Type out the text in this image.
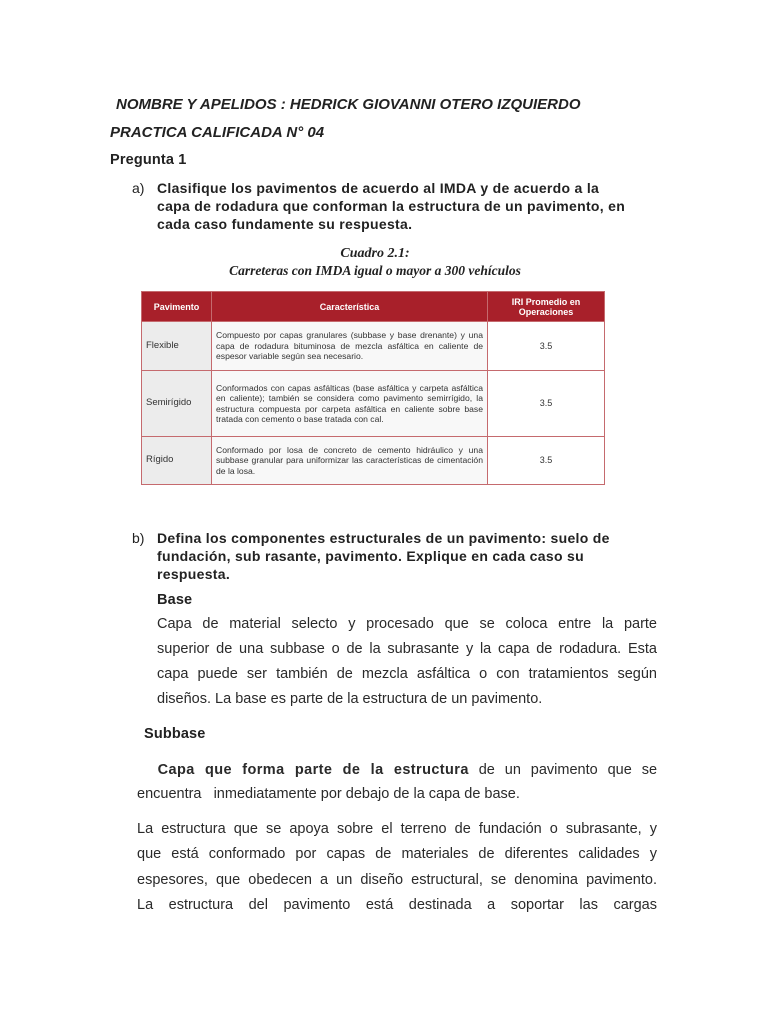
NOMBRE Y APELIDOS : HEDRICK GIOVANNI OTERO IZQUIERDO
PRACTICA CALIFICADA N° 04
Pregunta 1
a) Clasifique los pavimentos de acuerdo al IMDA y de acuerdo a la
capa de rodadura que conforman la estructura de un pavimento, en
cada caso fundamente su respuesta.
Cuadro 2.1:
Carreteras con IMDA igual o mayor a 300 vehículos
Pavimento	Característica	IRI Promedio en Operaciones
Flexible	Compuesto por capas granulares (subbase y base drenante) y una capa de rodadura bituminosa de mezcla asfáltica en caliente de espesor variable según sea necesario.	3.5
Semirígido	Conformados con capas asfálticas (base asfáltica y carpeta asfáltica en caliente); también se considera como pavimento semirrígido, la estructura compuesta por carpeta asfáltica en caliente sobre base tratada con cemento o base tratada con cal.	3.5
Rígido	Conformado por losa de concreto de cemento hidráulico y una subbase granular para uniformizar las características de cimentación de la losa.	3.5
b) Defina los componentes estructurales de un pavimento: suelo de
fundación, sub rasante, pavimento. Explique en cada caso su
respuesta.
Base
Capa de material selecto y procesado que se coloca entre la parte
superior de una subbase o de la subrasante y la capa de rodadura. Esta
capa puede ser también de mezcla asfáltica o con tratamientos según
diseños. La base es parte de la estructura de un pavimento.
Subbase
Capa que forma parte de la estructura de un pavimento que se
encuentra   inmediatamente por debajo de la capa de base.
La estructura que se apoya sobre el terreno de fundación o subrasante, y
que está conformado por capas de materiales de diferentes calidades y
espesores, que obedecen a un diseño estructural, se denomina pavimento.
La estructura del pavimento está destinada a soportar las cargas
